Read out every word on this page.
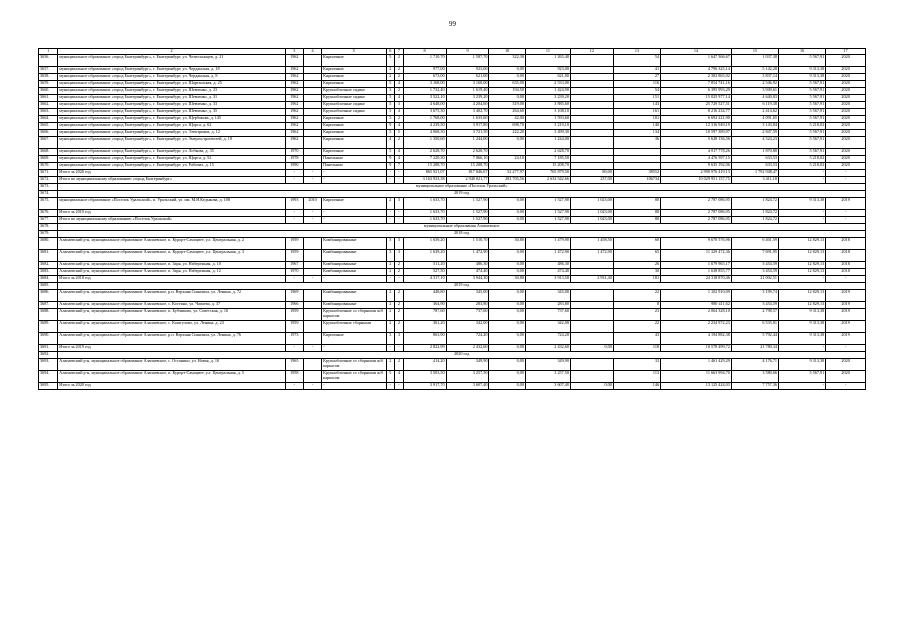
99
1	2	3	4	5	6	7	8	9	10	11	12	13	14	15	16	17
3656.	муниципальное образование «город Екатеринбург», г. Екатеринбург, ул. Челюскинцев, д. 21	1962		Кирпичные	5	2	1 710,70	1 587,70	322,30	1 265,40		54	1 647 366,67	1 037,38	5 567,91	2020
3657.	муниципальное образование «город Екатеринбург», г. Екатеринбург, ул. Черданская, д. 18	1962		Кирпичные	2	2	977,00	923,00	0,00	923,00		41	4 796 325,14	5 142,28	9 313,38	2020
3658.	муниципальное образование «город Екатеринбург», г. Екатеринбург, ул. Черданская, д. 8	1962		Кирпичные	2	2	673,00	621,00	0,00	621,00		27	2 382 865,02	3 837,14	9 313,38	2020
3659.	муниципальное образование «город Екатеринбург», г. Екатеринбург, ул. Шарташская, д. 25	1962		Кирпичные	5	4	3 168,00	3 168,00	635,00	2 533,00		116	7 854 741,16	2 546,92	5 567,91	2020
3660.	муниципальное образование «город Екатеринбург», г. Екатеринбург, ул. Шевченко, д. 23	1962		Крупноблочные сидинг	3	2	1 732,40	1 619,40	194,50	1 424,90		54	6 395 993,29	3 949,61	5 567,91	2020
3661.	муниципальное образование «город Екатеринбург», г. Екатеринбург, ул. Шевченко, д. 31	1962		Крупноблочные сидинг	5	4	3 522,10	3 239,20	0,00	3 239,20		151	15 025 977,14	4 640,03	5 567,91	2020
3662.	муниципальное образование «город Екатеринбург», г. Екатеринбург, ул. Шевченко, д. 33	1962		Крупноблочные сидинг	5	3	4 648,00	4 204,60	319,00	3 885,60		143	25 729 527,51	6 119,38	5 567,91	2020
3663.	муниципальное образование «город Екатеринбург», г. Екатеринбург, ул. Шевченко, д. 35	1962		Крупноблочные сидинг	5	4	3 675,30	3 402,70	264,60	3 108,10		161	8 216 234,77	2 414,62	5 567,91	2020
3664.	муниципальное образование «город Екатеринбург», г. Екатеринбург, ул. Щербакова, д. 145	1962		Кирпичные	5	2	1 768,00	1 635,60	42,00	1 593,60		101	6 692 221,90	4 091,65	5 567,91	2020
3665.	муниципальное образование «город Екатеринбург», г. Екатеринбург, ул. Щорса, д. 62	1962		Кирпичные	9	4	4 239,50	3 917,80	698,70	3 219,10		140	12 316 949,19	3 143,84	5 218,02	2020
3666.	муниципальное образование «город Екатеринбург», г. Екатеринбург, ул. Электриков, д. 12	1962		Кирпичные	5	5	4 068,30	3 721,50	222,20	3 499,30		134	10 597 389,97	2 847,59	5 567,91	2020
3667.	муниципальное образование «город Екатеринбург», г. Екатеринбург, ул. Энергостроителей, д. 19	1962		Кирпичные	4	2	1 350,60	1 244,00	0,00	1 244,00		36	5 628 136,56	4 524,23	5 567,91	2020
3668.	муниципальное образование «город Екатеринбург», г. Екатеринбург, ул. Лобкова, д. 35	1970		Кирпичные	5	4	2 628,70	2 628,70		2 628,70			4 917 778,26	1 870,80	5 567,91	2020
3669.	муниципальное образование «город Екатеринбург», г. Екатеринбург, ул. Щорса, д. 52	1978		Панельные	9	4	7 220,30	7 066,10	24,10	7 185,50			4 476 597,15	633,53	5 218,02	2020
3670.	муниципальное образование «город Екатеринбург», г. Екатеринбург, ул. Рабочих, д. 15	1990		Панельные	9	7	15 208,70	15 208,70		15 208,70			9 635 192,06	633,53	5 218,02	2020
3671.	Итого за 2020 год	-	-	-	-	-	865 921,07	817 846,67	52 277,97	765 879,50	80,00	38552	2 990 976 419,13	1 792 948,47	-	-
3672.	Итого по муниципальному образованию «город Екатеринбург»	-	-	-	-	-	3 163 933,38	2 940 021,77	283 705,56	2 633 542,66	237,00	106734	10 029 951 157,75	3 411,18	-	-
3673.	муниципальное образование «Поселок Уральский»															
3674.	2019 год															
3675.	муниципальное образование «Поселок Уральский», п. Уральский, ул. им. М.Н.Кедыкова, д. 108	1993	2010	Кирпичные	2	3	1 633,70	1 527,90	0,00	1 527,90	1 023,00	80	2 787 086,95	1 824,72	9 313,38	2019
3676.	Итого за 2019 год	-	-	-	-	-	1 633,70	1 527,90	0,00	1 527,90	1 023,00	80	2 787 086,95	1 824,72	-	-
3677.	Итого по муниципальному образованию «Поселок Уральский»	-	-	-	-	-	1 633,70	1 527,90	0,00	1 527,90	1 023,00	80	2 787 086,95	1 824,72	-	-
3678.	муниципальные образования Алапаевское															
3679.	2018 год															
3680.	Алапаевский р-н, муниципальное образование Алапаевское, п. Курорт-Самоцвет, у.л. Центральная, д. 2	1959		Комбинированные	3	3	1 639,20	1 510,70	30,80	1 479,90	1 458,50	60	9 670 576,96	6 401,59	12 829,13	2018
3681.	Алапаевский р-н, муниципальное образование Алапаевское, п. Курорт-Самоцвет, у.л. Центральная, д. 3	1959		Комбинированные	3	3	1 639,20	1 472,90	0,00	1 472,90	1 472,90	65	11 329 472,36	7 691,95	12 829,13	2018
3682.	Алапаевский р-н, муниципальное образование Алапаевское, п. Заря, ул. Набережная, д. 10	1967		Комбинированные	2	2	511,20	486,30	0,00	486,30		26	1 679 965,17	3 454,59	12 829,13	2018
3683.	Алапаевский р-н, муниципальное образование Алапаевское, п. Заря, ул. Набережная, д. 12	1970		Комбинированные	2	2	527,50	474,40	0,00	474,40		30	1 638 855,77	3 454,59	12 829,13	2018
3684.	Итого за 2018 год	-	-	-	-	-	4 317,10	3 944,30	30,80	3 913,50	2 931,40	181	24 318 870,46	21 002,51	-	-
3685.	2019 год															
3686.	Алапаевский р-н, муниципальное образование Алапаевское, р.п. Верхняя Синячиха, ул. Ленина, д. 72	1969		Комбинированные	2	2	448,80	345,00	0,00	345,00		22	1 102 910,09	3 199,74	12 829,13	2019
3687.	Алапаевский р-н, муниципальное образование Алапаевское, с. Костино, ул. Чапаева, д. 37	1966		Комбинированные	2	2	364,90	283,80	0,00	283,80		8	980 411,62	3 454,59	12 829,13	2019
3688.	Алапаевский р-н, муниципальное образование Алапаевское, п. Бубчиково, ул. Советская, д. 10	1959		Крупноблочные со сборными ж/б каркасом	2	2	787,60	737,60	0,00	737,60		23	2 064 328,10	2 798,57	9 313,38	2019
3689.	Алапаевский р-н, муниципальное образование Алапаевское, с. Кошгулово, ул. Ленина, д. 23	1959		Крупноблочные сборными	2	2	361,20	342,00	0,00	342,00		22	2 234 972,23	6 535,01	9 313,38	2019
3690.	Алапаевский р-н, муниципальное образование Алапаевское, р.п. Верхняя Синячиха, ул. Ленина, д. 76	1973		Кирпичные	3	3	863,90	724,20	0,00	724,20		43	4 194 882,38	5 792,44	9 313,38	2019
3691.	Итого за 2019 год	-	-	-	-	-	2 822,99	2 432,60	0,00	2 432,60	0,00	118	10 578 499,72	21 780,34	-	-
3692.	2020 год															
3693.	Алапаевский р-н, муниципальное образование Алапаевское, с. Останино, ул. Новая, д. 10	1965		Крупноблочные со сборными ж/б каркасом	2	2	414,20	349,90	0,00	349,90		33	1 461 429,29	4 176,71	9 313,38	2020
3694.	Алапаевский р-н, муниципальное образование Алапаевское, п. Курорт-Самоцвет, у.л. Центральная, д. 5	1958		Крупноблочные со сборными ж/б каркасом	5	4	3 503,50	3 257,50	0,00	3 257,50		113	11 663 994,70	3 580,66	5 567,91	2020
3695.	Итого за 2020 год	-	-	-	-	-	3 917,70	3 607,40	0,00	3 607,40	0,00	146	13 125 424,03	7 757,36	-	-
